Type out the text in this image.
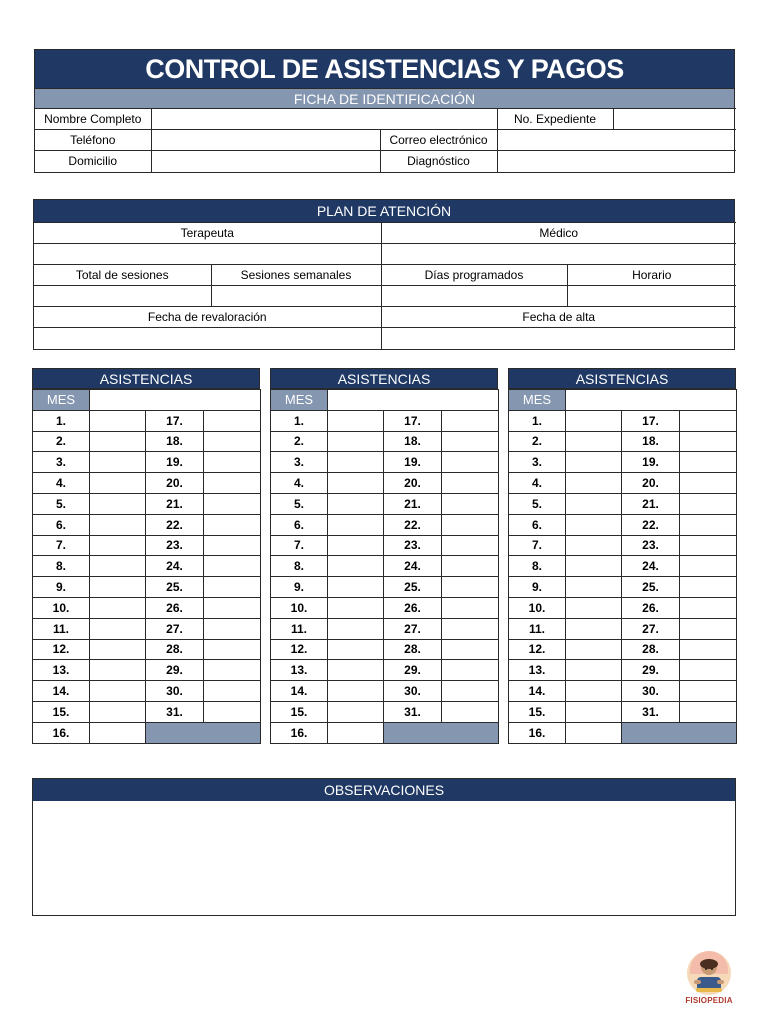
CONTROL DE ASISTENCIAS Y PAGOS
FICHA DE IDENTIFICACIÓN
Nombre Completo			No. Expediente	
Teléfono		Correo electrónico		
Domicilio		Diagnóstico		
PLAN DE ATENCIÓN
Terapeuta		Médico	

Total de sesiones	Sesiones semanales	Días programados	Horario

Fecha de revaloración		Fecha de alta	

ASISTENCIAS
MES			
1.		17.	
2.		18.	
3.		19.	
4.		20.	
5.		21.	
6.		22.	
7.		23.	
8.		24.	
9.		25.	
10.		26.	
11.		27.	
12.		28.	
13.		29.	
14.		30.	
15.		31.	
16.			
ASISTENCIAS
MES			
1.		17.	
2.		18.	
3.		19.	
4.		20.	
5.		21.	
6.		22.	
7.		23.	
8.		24.	
9.		25.	
10.		26.	
11.		27.	
12.		28.	
13.		29.	
14.		30.	
15.		31.	
16.			
ASISTENCIAS
MES			
1.		17.	
2.		18.	
3.		19.	
4.		20.	
5.		21.	
6.		22.	
7.		23.	
8.		24.	
9.		25.	
10.		26.	
11.		27.	
12.		28.	
13.		29.	
14.		30.	
15.		31.	
16.			
OBSERVACIONES
FISIOPEDIA
